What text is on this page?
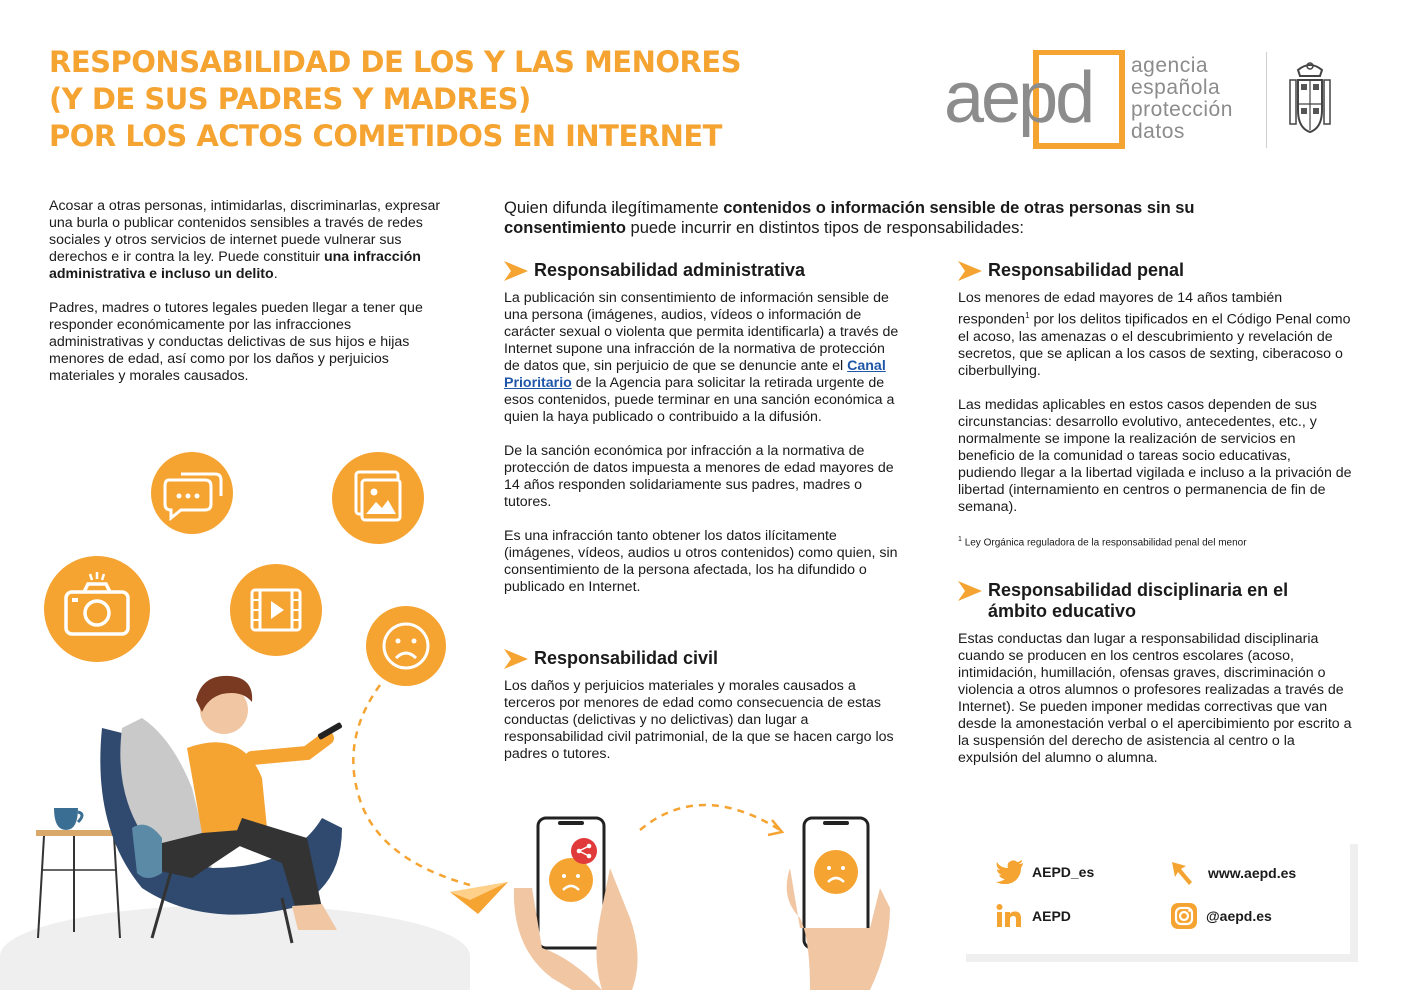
RESPONSABILIDAD DE LOS Y LAS MENORES
(Y DE SUS PADRES Y MADRES)
POR LOS ACTOS COMETIDOS EN INTERNET	aepd agencia
española
protección
datos

Acosar a otras personas, intimidarlas, discriminarlas, expresar una burla o publicar contenidos sensibles a través de redes sociales y otros servicios de internet puede vulnerar sus derechos e ir contra la ley. Puede constituir una infracción administrativa e incluso un delito.

Padres, madres o tutores legales pueden llegar a tener que responder económicamente por las infracciones administrativas y conductas delictivas de sus hijos e hijas menores de edad, así como por los daños y perjuicios materiales y morales causados.

Quien difunda ilegítimamente contenidos o información sensible de otras personas sin su consentimiento puede incurrir en distintos tipos de responsabilidades:
Responsabilidad administrativa

La publicación sin consentimiento de información sensible de una persona (imágenes, audios, vídeos o información de carácter sexual o violenta que permita identificarla) a través de Internet supone una infracción de la normativa de protección de datos que, sin perjuicio de que se denuncie ante el Canal Prioritario de la Agencia para solicitar la retirada urgente de esos contenidos, puede terminar en una sanción económica a quien la haya publicado o contribuido a la difusión.

De la sanción económica por infracción a la normativa de protección de datos impuesta a menores de edad mayores de 14 años responden solidariamente sus padres, madres o tutores.

Es una infracción tanto obtener los datos ilícitamente (imágenes, vídeos, audios u otros contenidos) como quien, sin consentimiento de la persona afectada, los ha difundido o publicado en Internet.

Responsabilidad civil

Los daños y perjuicios materiales y morales causados a terceros por menores de edad como consecuencia de estas conductas (delictivas y no delictivas) dan lugar a responsabilidad civil patrimonial, de la que se hacen cargo los padres o tutores.

Responsabilidad penal

Los menores de edad mayores de 14 años también responden$^1$ por los delitos tipificados en el Código Penal como el acoso, las amenazas o el descubrimiento y revelación de secretos, que se aplican a los casos de sexting, ciberacoso o ciberbullying.

Las medidas aplicables en estos casos dependen de sus circunstancias: desarrollo evolutivo, antecedentes, etc., y normalmente se impone la realización de servicios en beneficio de la comunidad o tareas socio educativas, pudiendo llegar a la libertad vigilada e incluso a la privación de libertad (internamiento en centros o permanencia de fin de semana).

$^1$ Ley Orgánica reguladora de la responsabilidad penal del menor
Responsabilidad disciplinaria en el ámbito educativo

Estas conductas dan lugar a responsabilidad disciplinaria cuando se producen en los centros escolares (acoso, intimidación, humillación, ofensas graves, discriminación o violencia a otros alumnos o profesores realizadas a través de Internet). Se pueden imponer medidas correctivas que van desde la amonestación verbal o el apercibimiento por escrito a la suspensión del derecho de asistencia al centro o la expulsión del alumno o alumna.

AEPD_es
AEPD
www.aepd.es
@aepd.es
